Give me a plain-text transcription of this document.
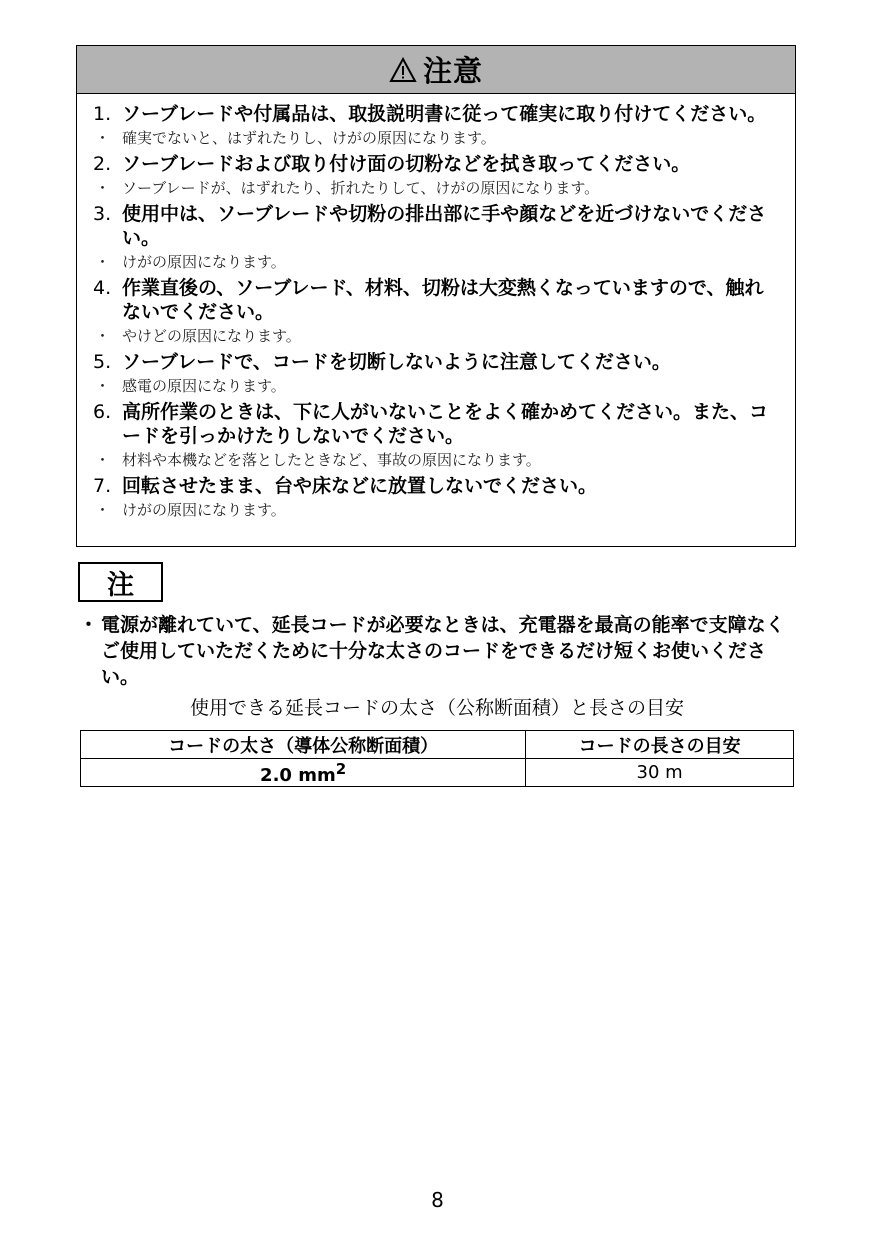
注意
1. ソーブレードや付属品は、取扱説明書に従って確実に取り付けてください。
・ 確実でないと、はずれたりし、けがの原因になります。
2. ソーブレードおよび取り付け面の切粉などを拭き取ってください。
・ ソーブレードが、はずれたり、折れたりして、けがの原因になります。
3. 使用中は、ソーブレードや切粉の排出部に手や顔などを近づけないでください。
・ けがの原因になります。
4. 作業直後の、ソーブレード、材料、切粉は大変熱くなっていますので、触れないでください。
・ やけどの原因になります。
5. ソーブレードで、コードを切断しないように注意してください。
・ 感電の原因になります。
6. 高所作業のときは、下に人がいないことをよく確かめてください。また、コードを引っかけたりしないでください。
・ 材料や本機などを落としたときなど、事故の原因になります。
7. 回転させたまま、台や床などに放置しないでください。
・ けがの原因になります。
注
・ 電源が離れていて、延長コードが必要なときは、充電器を最高の能率で支障なくご使用していただくために十分な太さのコードをできるだけ短くお使いください。
使用できる延長コードの太さ（公称断面積）と長さの目安
コードの太さ（導体公称断面積）	コードの長さの目安
2.0 $mm^2$	30 m
8
